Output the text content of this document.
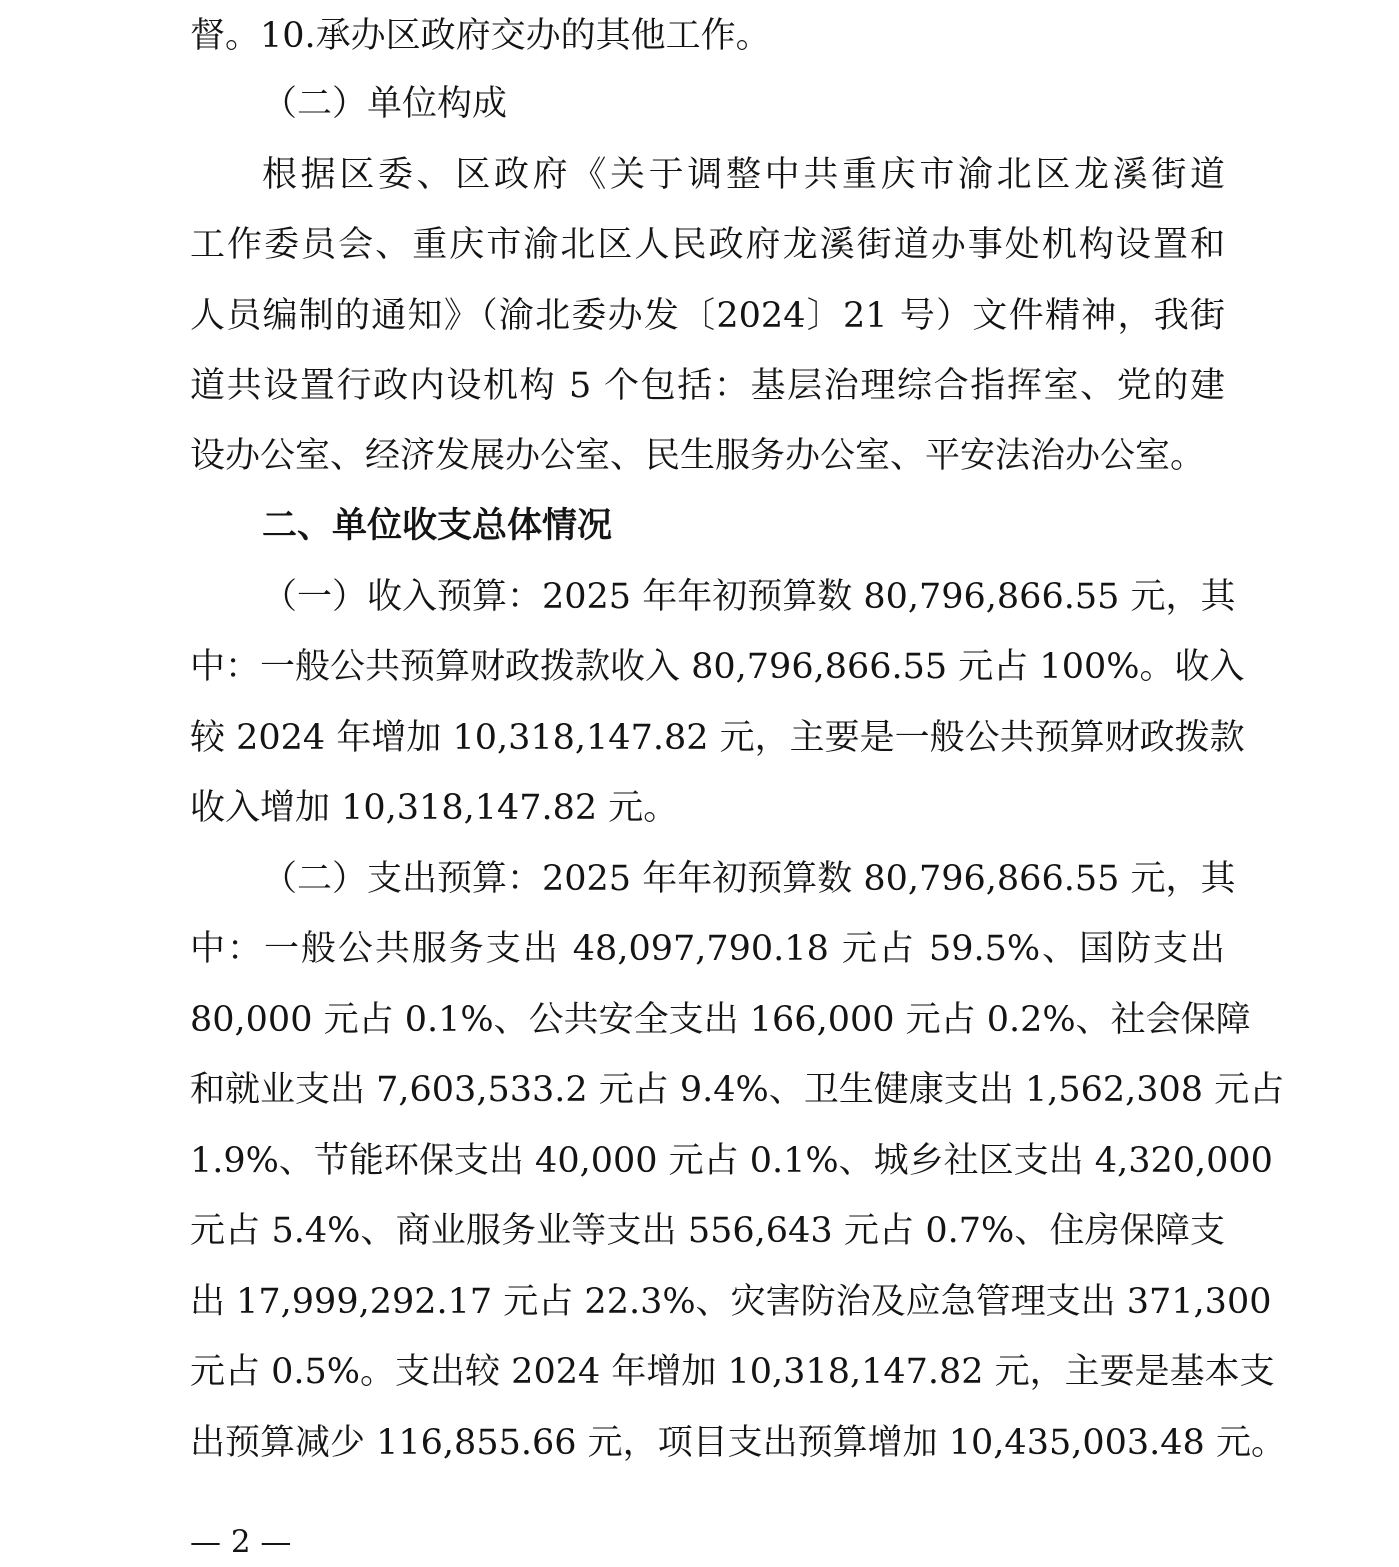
督。10.承办区政府交办的其他工作。
（二）单位构成
根据区委、区政府《关于调整中共重庆市渝北区龙溪街道
工作委员会、重庆市渝北区人民政府龙溪街道办事处机构设置和
人员编制的通知》（渝北委办发〔2024〕21 号）文件精神，我街
道共设置行政内设机构 5 个包括：基层治理综合指挥室、党的建
设办公室、经济发展办公室、民生服务办公室、平安法治办公室。
二、单位收支总体情况
（一）收入预算：2025 年年初预算数 80,796,866.55 元，其
中：一般公共预算财政拨款收入 80,796,866.55 元占 100%。收入
较 2024 年增加 10,318,147.82 元，主要是一般公共预算财政拨款
收入增加 10,318,147.82 元。
（二）支出预算：2025 年年初预算数 80,796,866.55 元，其
中：一般公共服务支出 48,097,790.18 元占 59.5%、国防支出
80,000 元占 0.1%、公共安全支出 166,000 元占 0.2%、社会保障
和就业支出 7,603,533.2 元占 9.4%、卫生健康支出 1,562,308 元占
1.9%、节能环保支出 40,000 元占 0.1%、城乡社区支出 4,320,000
元占 5.4%、商业服务业等支出 556,643 元占 0.7%、住房保障支
出 17,999,292.17 元占 22.3%、灾害防治及应急管理支出 371,300
元占 0.5%。支出较 2024 年增加 10,318,147.82 元，主要是基本支
出预算减少 116,855.66 元，项目支出预算增加 10,435,003.48 元。
— 2 —
